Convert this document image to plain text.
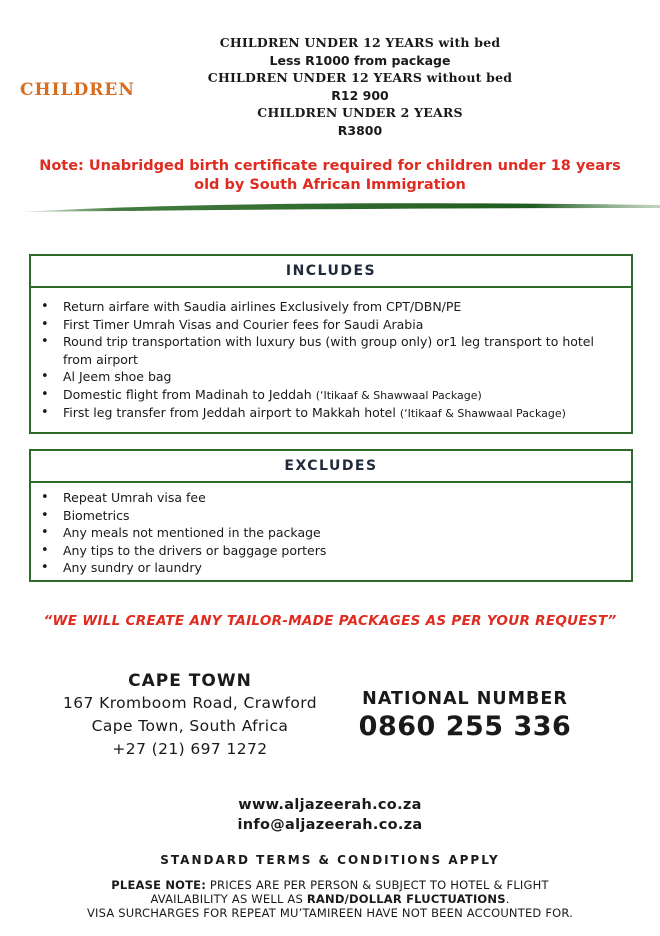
CHILDREN
CHILDREN UNDER 12 YEARS with bed
Less R1000 from package
CHILDREN UNDER 12 YEARS without bed
R12 900
CHILDREN UNDER 2 YEARS
R3800
Note: Unabridged birth certificate required for children under 18 years
old by South African Immigration
INCLUDES
• Return airfare with Saudia airlines Exclusively from CPT/DBN/PE
• First Timer Umrah Visas and Courier fees for Saudi Arabia
• Round trip transportation with luxury bus (with group only) or1 leg transport to hotel from airport
• Al Jeem shoe bag
• Domestic flight from Madinah to Jeddah (‘Itikaaf & Shawwaal Package)
• First leg transfer from Jeddah airport to Makkah hotel (‘Itikaaf & Shawwaal Package)
EXCLUDES
• Repeat Umrah visa fee
• Biometrics
• Any meals not mentioned in the package
• Any tips to the drivers or baggage porters
• Any sundry or laundry
“WE WILL CREATE ANY TAILOR-MADE PACKAGES AS PER YOUR REQUEST”
CAPE TOWN
167 Kromboom Road, Crawford
Cape Town, South Africa
+27 (21) 697 1272
NATIONAL NUMBER
0860 255 336
www.aljazeerah.co.za
info@aljazeerah.co.za
STANDARD TERMS & CONDITIONS APPLY
PLEASE NOTE: PRICES ARE PER PERSON & SUBJECT TO HOTEL & FLIGHT
AVAILABILITY AS WELL AS RAND/DOLLAR FLUCTUATIONS.
VISA SURCHARGES FOR REPEAT MU’TAMIREEN HAVE NOT BEEN ACCOUNTED FOR.
